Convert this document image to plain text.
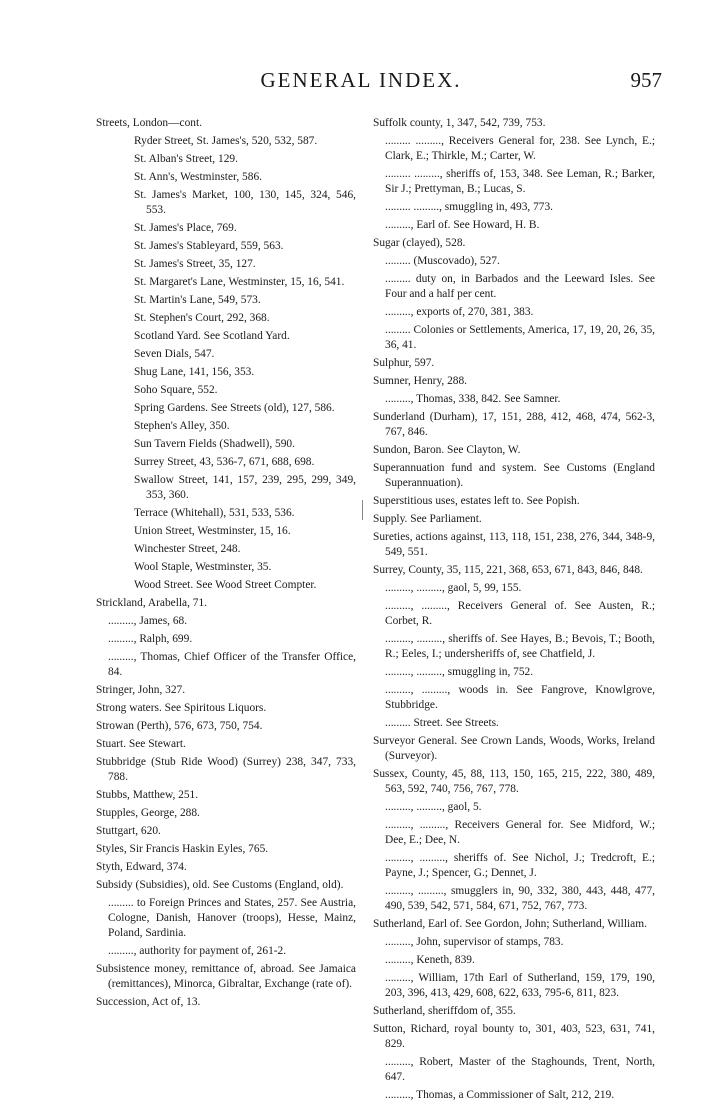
GENERAL INDEX.	957
Streets, London—cont.
Ryder Street, St. James's, 520, 532, 587.
St. Alban's Street, 129.
St. Ann's, Westminster, 586.
St. James's Market, 100, 130, 145, 324, 546, 553.
St. James's Place, 769.
St. James's Stableyard, 559, 563.
St. James's Street, 35, 127.
St. Margaret's Lane, Westminster, 15, 16, 541.
St. Martin's Lane, 549, 573.
St. Stephen's Court, 292, 368.
Scotland Yard. See Scotland Yard.
Seven Dials, 547.
Shug Lane, 141, 156, 353.
Soho Square, 552.
Spring Gardens. See Streets (old), 127, 586.
Stephen's Alley, 350.
Sun Tavern Fields (Shadwell), 590.
Surrey Street, 43, 536-7, 671, 688, 698.
Swallow Street, 141, 157, 239, 295, 299, 349, 353, 360.
Terrace (Whitehall), 531, 533, 536.
Union Street, Westminster, 15, 16.
Winchester Street, 248.
Wool Staple, Westminster, 35.
Wood Street. See Wood Street Compter.
Strickland, Arabella, 71.
........., James, 68.
........., Ralph, 699.
........., Thomas, Chief Officer of the Transfer Office, 84.
Stringer, John, 327.
Strong waters. See Spiritous Liquors.
Strowan (Perth), 576, 673, 750, 754.
Stuart. See Stewart.
Stubbridge (Stub Ride Wood) (Surrey) 238, 347, 733, 788.
Stubbs, Matthew, 251.
Stupples, George, 288.
Stuttgart, 620.
Styles, Sir Francis Haskin Eyles, 765.
Styth, Edward, 374.
Subsidy (Subsidies), old. See Customs (England, old).
......... to Foreign Princes and States, 257. See Austria, Cologne, Danish, Hanover (troops), Hesse, Mainz, Poland, Sardinia.
........., authority for payment of, 261-2.
Subsistence money, remittance of, abroad. See Jamaica (remittances), Minorca, Gibraltar, Exchange (rate of).
Succession, Act of, 13.
Suffolk county, 1, 347, 542, 739, 753.
......... ........., Receivers General for, 238. See Lynch, E.; Clark, E.; Thirkle, M.; Carter, W.
......... ........., sheriffs of, 153, 348. See Leman, R.; Barker, Sir J.; Prettyman, B.; Lucas, S.
......... ........., smuggling in, 493, 773.
........., Earl of. See Howard, H. B.
Sugar (clayed), 528.
......... (Muscovado), 527.
......... duty on, in Barbados and the Leeward Isles. See Four and a half per cent.
........., exports of, 270, 381, 383.
......... Colonies or Settlements, America, 17, 19, 20, 26, 35, 36, 41.
Sulphur, 597.
Sumner, Henry, 288.
........., Thomas, 338, 842. See Samner.
Sunderland (Durham), 17, 151, 288, 412, 468, 474, 562-3, 767, 846.
Sundon, Baron. See Clayton, W.
Superannuation fund and system. See Customs (England Superannuation).
Superstitious uses, estates left to. See Popish.
Supply. See Parliament.
Sureties, actions against, 113, 118, 151, 238, 276, 344, 348-9, 549, 551.
Surrey, County, 35, 115, 221, 368, 653, 671, 843, 846, 848.
........., ........., gaol, 5, 99, 155.
........., ........., Receivers General of. See Austen, R.; Corbet, R.
........., ........., sheriffs of. See Hayes, B.; Bevois, T.; Booth, R.; Eeles, I.; undersheriffs of, see Chatfield, J.
........., ........., smuggling in, 752.
........., ........., woods in. See Fangrove, Knowlgrove, Stubbridge.
......... Street. See Streets.
Surveyor General. See Crown Lands, Woods, Works, Ireland (Surveyor).
Sussex, County, 45, 88, 113, 150, 165, 215, 222, 380, 489, 563, 592, 740, 756, 767, 778.
........., ........., gaol, 5.
........., ........., Receivers General for. See Midford, W.; Dee, E.; Dee, N.
........., ........., sheriffs of. See Nichol, J.; Tredcroft, E.; Payne, J.; Spencer, G.; Dennet, J.
........., ........., smugglers in, 90, 332, 380, 443, 448, 477, 490, 539, 542, 571, 584, 671, 752, 767, 773.
Sutherland, Earl of. See Gordon, John; Sutherland, William.
........., John, supervisor of stamps, 783.
........., Keneth, 839.
........., William, 17th Earl of Sutherland, 159, 179, 190, 203, 396, 413, 429, 608, 622, 633, 795-6, 811, 823.
Sutherland, sheriffdom of, 355.
Sutton, Richard, royal bounty to, 301, 403, 523, 631, 741, 829.
........., Robert, Master of the Staghounds, Trent, North, 647.
........., Thomas, a Commissioner of Salt, 212, 219.
